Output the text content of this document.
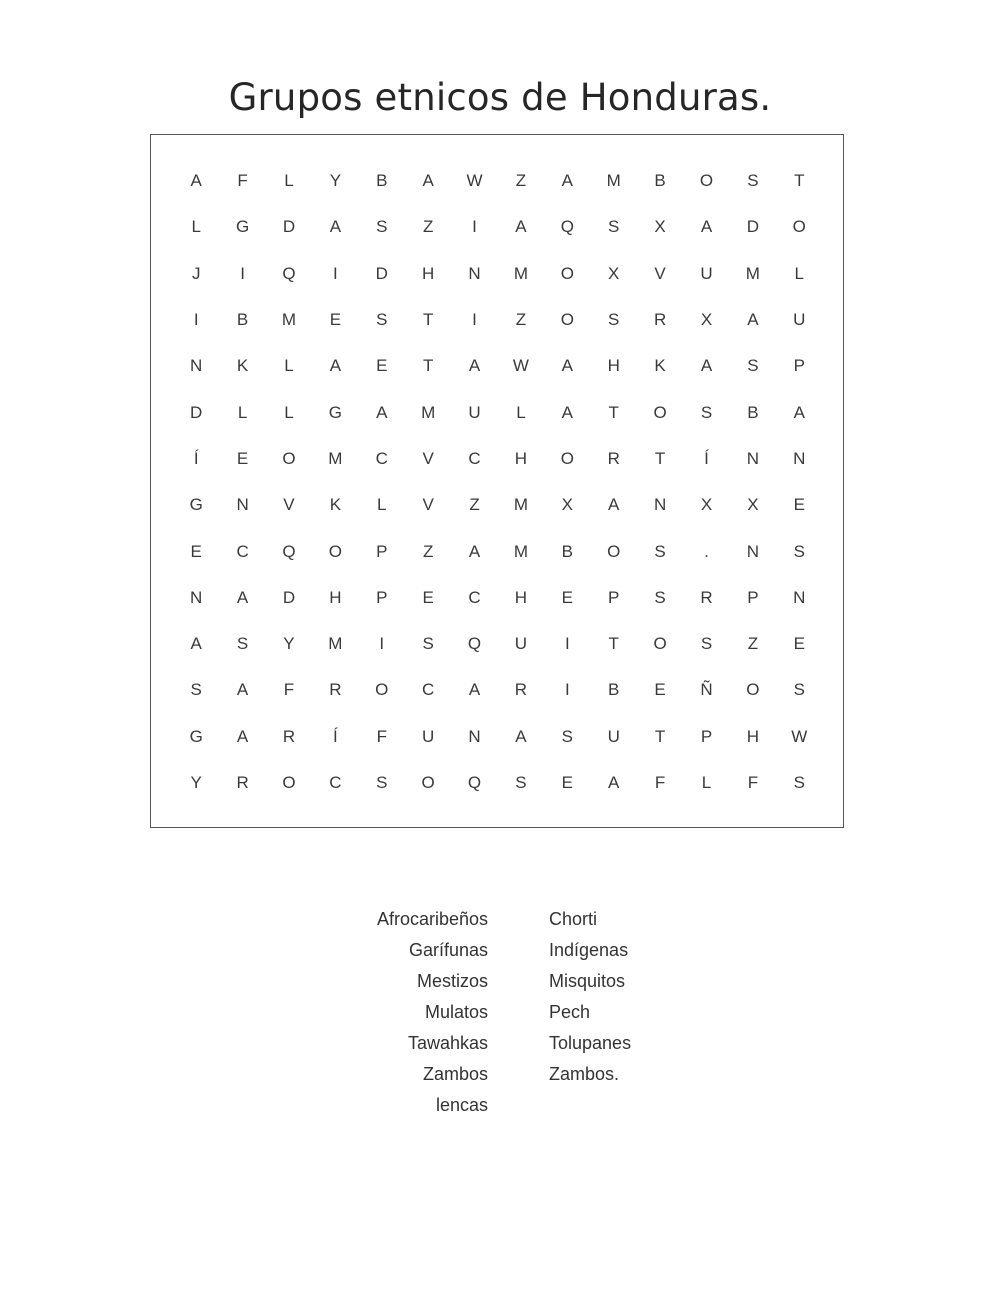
Grupos etnicos de Honduras.
A	F	L	Y	B	A	W	Z	A	M	B	O	S	T
L	G	D	A	S	Z	I	A	Q	S	X	A	D	O
J	I	Q	I	D	H	N	M	O	X	V	U	M	L
I	B	M	E	S	T	I	Z	O	S	R	X	A	U
N	K	L	A	E	T	A	W	A	H	K	A	S	P
D	L	L	G	A	M	U	L	A	T	O	S	B	A
Í	E	O	M	C	V	C	H	O	R	T	Í	N	N
G	N	V	K	L	V	Z	M	X	A	N	X	X	E
E	C	Q	O	P	Z	A	M	B	O	S	.	N	S
N	A	D	H	P	E	C	H	E	P	S	R	P	N
A	S	Y	M	I	S	Q	U	I	T	O	S	Z	E
S	A	F	R	O	C	A	R	I	B	E	Ñ	O	S
G	A	R	Í	F	U	N	A	S	U	T	P	H	W
Y	R	O	C	S	O	Q	S	E	A	F	L	F	S
Afrocaribeños
Garífunas
Mestizos
Mulatos
Tawahkas
Zambos
lencas
Chorti
Indígenas
Misquitos
Pech
Tolupanes
Zambos.
